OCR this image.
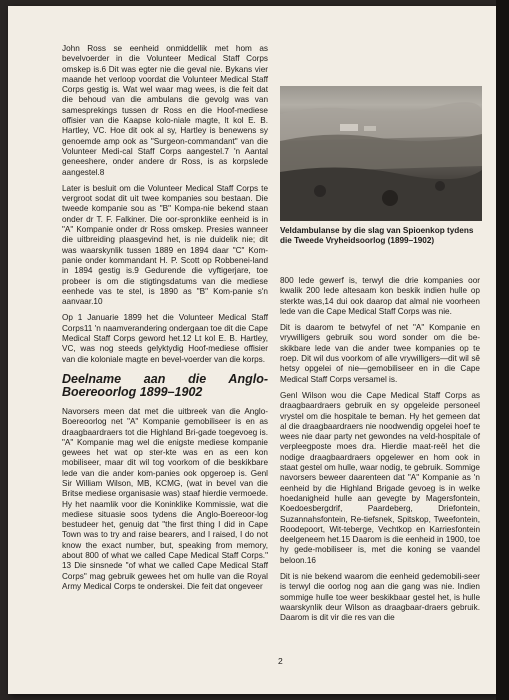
John Ross se eenheid onmiddellik met hom as bevelvoerder in die Volunteer Medical Staff Corps omskep is.6 Dit was egter nie die geval nie. Bykans vier maande het verloop voordat die Volunteer Medical Staff Corps gestig is. Wat wel waar mag wees, is die feit dat die behoud van die ambulans die gevolg was van samesprekings tussen dr Ross en die Hoof-mediese offisier van die Kaapse kolo-niale magte, lt kol E. B. Hartley, VC. Hoe dit ook al sy, Hartley is benewens sy genoemde amp ook as "Surgeon-commandant" van die Volunteer Medi-cal Staff Corps aangestel.7 'n Aantal geneeshere, onder andere dr Ross, is as korpslede aangestel.8

Later is besluit om die Volunteer Medical Staff Corps te vergroot sodat dit uit twee kompanies sou bestaan. Die tweede kompanie sou as "B" Kompa-nie bekend staan onder dr T. F. Falkiner. Die oor-spronklike eenheid is in "A" Kompanie onder dr Ross omskep. Presies wanneer die uitbreiding plaasgevind het, is nie duidelik nie; dit was waarskynlik tussen 1889 en 1894 daar "C" Kom-panie onder kommandant H. P. Scott op Robbenei-land in 1894 gestig is.9 Gedurende die vyftigerjare, toe probeer is om die stigtingsdatums van die mediese eenhede vas te stel, is 1890 as "B" Kom-panie s'n aanvaar.10

Op 1 Januarie 1899 het die Volunteer Medical Staff Corps11 'n naamverandering ondergaan toe dit die Cape Medical Staff Corps geword het.12 Lt kol E. B. Hartley, VC, was nog steeds gelyktydig Hoof-mediese offisier van die koloniale magte en bevel-voerder van die korps.

Deelname aan die Anglo-Boereoorlog 1899–1902

Navorsers meen dat met die uitbreek van die Anglo-Boereoorlog net "A" Kompanie gemobiliseer is en as draagbaardraers tot die Highland Bri-gade toegevoeg is. "A" Kompanie mag wel die enigste mediese kompanie gewees het wat op ster-kte was en as een kon mobiliseer, maar dit wil tog voorkom of die beskikbare lede van die ander kom-panies ook opgeroep is. Genl Sir William Wilson, MB, KCMG, (wat in bevel van die Britse mediese organisasie was) staaf hierdie vermoede. Hy het naamlik voor die Koninklike Kommissie, wat die mediese situasie soos tydens die Anglo-Boereoor-log bestudeer het, genuig dat "the first thing I did in Cape Town was to try and raise bearers, and I raised, I do not know the exact number, but, speaking from memory, about 800 of what we called Cape Medical Staff Corps." 13 Die sinsnede "of what we called Cape Medical Staff Corps" mag gebruik gewees het om hulle van die Royal Army Medical Corps te onderskei. Die feit dat ongeveer

Veldambulanse by die slag van Spioenkop tydens die Tweede Vryheidsoorlog (1899–1902)

800 lede gewerf is, terwyl die drie kompanies oor kwalik 200 lede altesaam kon beskik indien hulle op sterkte was,14 dui ook daarop dat almal nie voorheen lede van die Cape Medical Staff Corps was nie.

Dit is daarom te betwyfel of net "A" Kompanie en vrywilligers gebruik sou word sonder om die be-skikbare lede van die ander twee kompanies op te roep. Dit wil dus voorkom of alle vrywilligers—dit wil sê hetsy opgelei of nie—gemobiliseer en in die Cape Medical Staff Corps versamel is.

Genl Wilson wou die Cape Medical Staff Corps as draagbaardraers gebruik en sy opgeleide personeel vrystel om die hospitale te beman. Hy het gemeen dat al die draagbaardraers nie noodwendig opgelei hoef te wees nie daar party net gewondes na veld-hospitale of verpleegposte moes dra. Hierdie maat-reël het die nodige draagbaardraers opgelewer en hom ook in staat gestel om hulle, waar nodig, te gebruik. Sommige navorsers beweer daarenteen dat "A" Kompanie as 'n eenheid by die Highland Brigade gevoeg is in welke hoedanigheid hulle aan gevegte by Magersfontein, Koedoesbergdrif, Paardeberg, Driefontein, Suzannahsfontein, Re-tiefsnek, Spitskop, Tweefontein, Roodepoort, Wit-teberge, Vechtkop en Karriesfontein deelgeneem het.15 Daarom is die eenheid in 1900, toe hy gede-mobiliseer is, met die koning se vaandel beloon.16

Dit is nie bekend waarom die eenheid gedemobili-seer is terwyl die oorlog nog aan die gang was nie. Indien sommige hulle toe weer beskikbaar gestel het, is hulle waarskynlik deur Wilson as draagbaar-draers gebruik. Daarom is dit vir die res van die

2
